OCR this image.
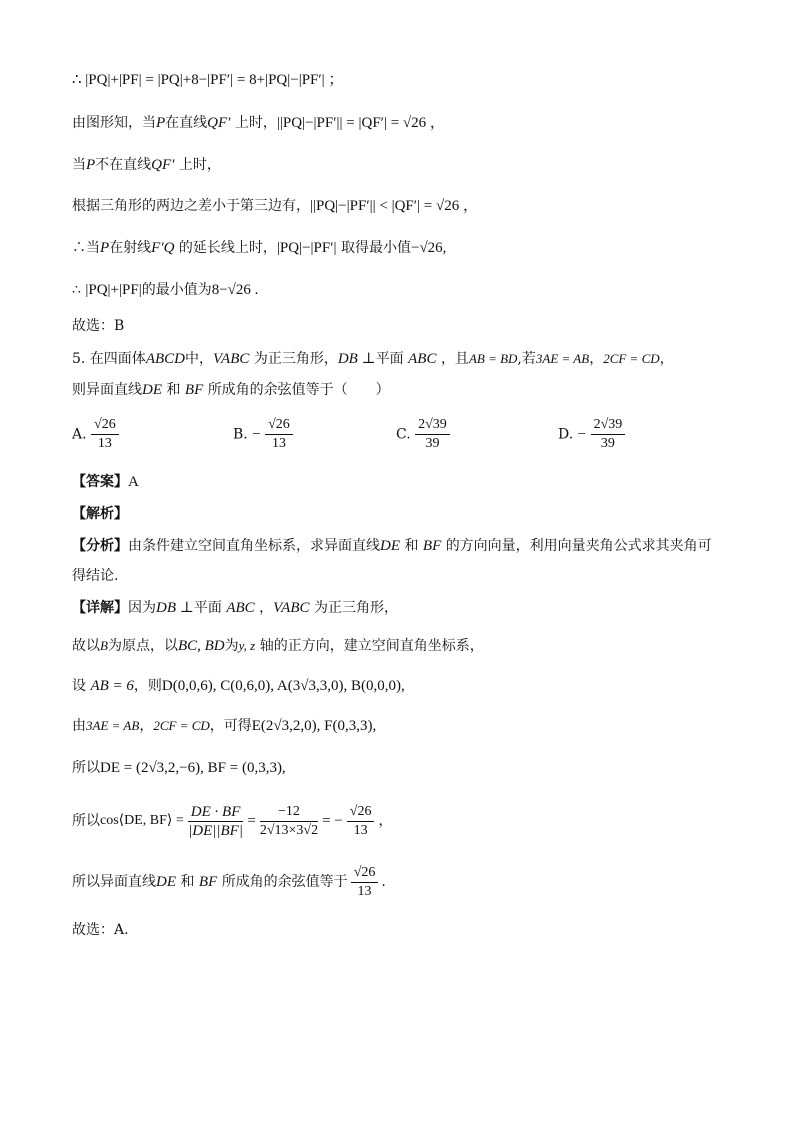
∴ |PQ|+|PF| = |PQ|+8−|PF′| = 8+|PQ|−|PF′| ；
由图形知，当P在直线QF′ 上时，||PQ|−|PF′|| = |QF′| = √26 ，
当P不在直线QF′ 上时，
根据三角形的两边之差小于第三边有，||PQ|−|PF′|| < |QF′| = √26 ，
∴当P在射线F′Q 的延长线上时，|PQ|−|PF′| 取得最小值−√26,
∴ |PQ|+|PF|的最小值为8−√26 .
故选：B
5. 在四面体ABCD中，VABC 为正三角形，DB ⊥平面 ABC ，且AB = BD,若3AE = AB，2CF = CD，
则异面直线DE 和 BF 所成角的余弦值等于（　　）
A. $\frac{√26}{13}$	B. − $\frac{√26}{13}$	C. $\frac{2√39}{39}$	D. − $\frac{2√39}{39}$
【答案】A
【解析】
【分析】由条件建立空间直角坐标系，求异面直线DE 和 BF 的方向向量，利用向量夹角公式求其夹角可
得结论.
【详解】因为DB ⊥平面 ABC ，VABC 为正三角形，
故以B为原点，以BC, BD为y, z 轴的正方向，建立空间直角坐标系，
设 AB = 6，则D(0,0,6), C(0,6,0), A(3√3,3,0), B(0,0,0),
由3AE = AB，2CF = CD，可得E(2√3,2,0), F(0,3,3),
所以DE = (2√3,2,−6), BF = (0,3,3),
所以 cos⟨DE, BF⟩ = $\frac{DE \cdot BF}{|DE||BF|} = \frac{-12}{2√13\times 3√2}$ = − $\frac{√26}{13}$ ，
所以异面直线 DE
和
BF
所成角的余弦值等于 $\frac{√26}{13}$ .
故选：A.
